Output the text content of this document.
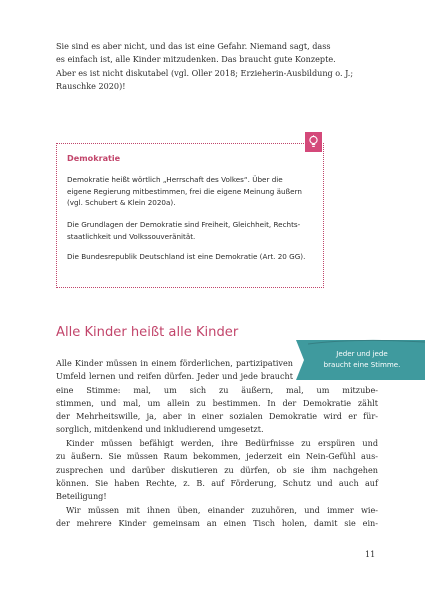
Sie sind es aber nicht, und das ist eine Gefahr. Niemand sagt, dass
es einfach ist, alle Kinder mitzudenken. Das braucht gute Konzepte.
Aber es ist nicht diskutabel (vgl. Oller 2018; Erzieherin-Ausbildung o. J.;
Rauschke 2020)!
Demokratie

Demokratie heißt wörtlich „Herrschaft des Volkes“. Über die
eigene Regierung mitbestimmen, frei die eigene Meinung äußern
(vgl. Schubert & Klein 2020a).

Die Grundlagen der Demokratie sind Freiheit, Gleichheit, Rechts-
staatlichkeit und Volkssouveränität.

Die Bundesrepublik Deutschland ist eine Demokratie (Art. 20 GG).

Alle Kinder heißt alle Kinder
Jeder und jede
braucht eine Stimme.
Alle Kinder müssen in einem förderlichen, partizipativen
Umfeld lernen und reifen dürfen. Jeder und jede braucht
eine Stimme: mal, um sich zu äußern, mal, um mitzube-
stimmen, und mal, um allein zu bestimmen. In der Demokratie zählt
der Mehrheitswille, ja, aber in einer sozialen Demokratie wird er für-
sorglich, mitdenkend und inkludierend umgesetzt.
Kinder müssen befähigt werden, ihre Bedürfnisse zu erspüren und
zu äußern. Sie müssen Raum bekommen, jederzeit ein Nein-Gefühl aus-
zusprechen und darüber diskutieren zu dürfen, ob sie ihm nachgehen
können. Sie haben Rechte, z. B. auf Förderung, Schutz und auch auf
Beteiligung!
Wir müssen mit ihnen üben, einander zuzuhören, und immer wie-
der mehrere Kinder gemeinsam an einen Tisch holen, damit sie ein-
11
